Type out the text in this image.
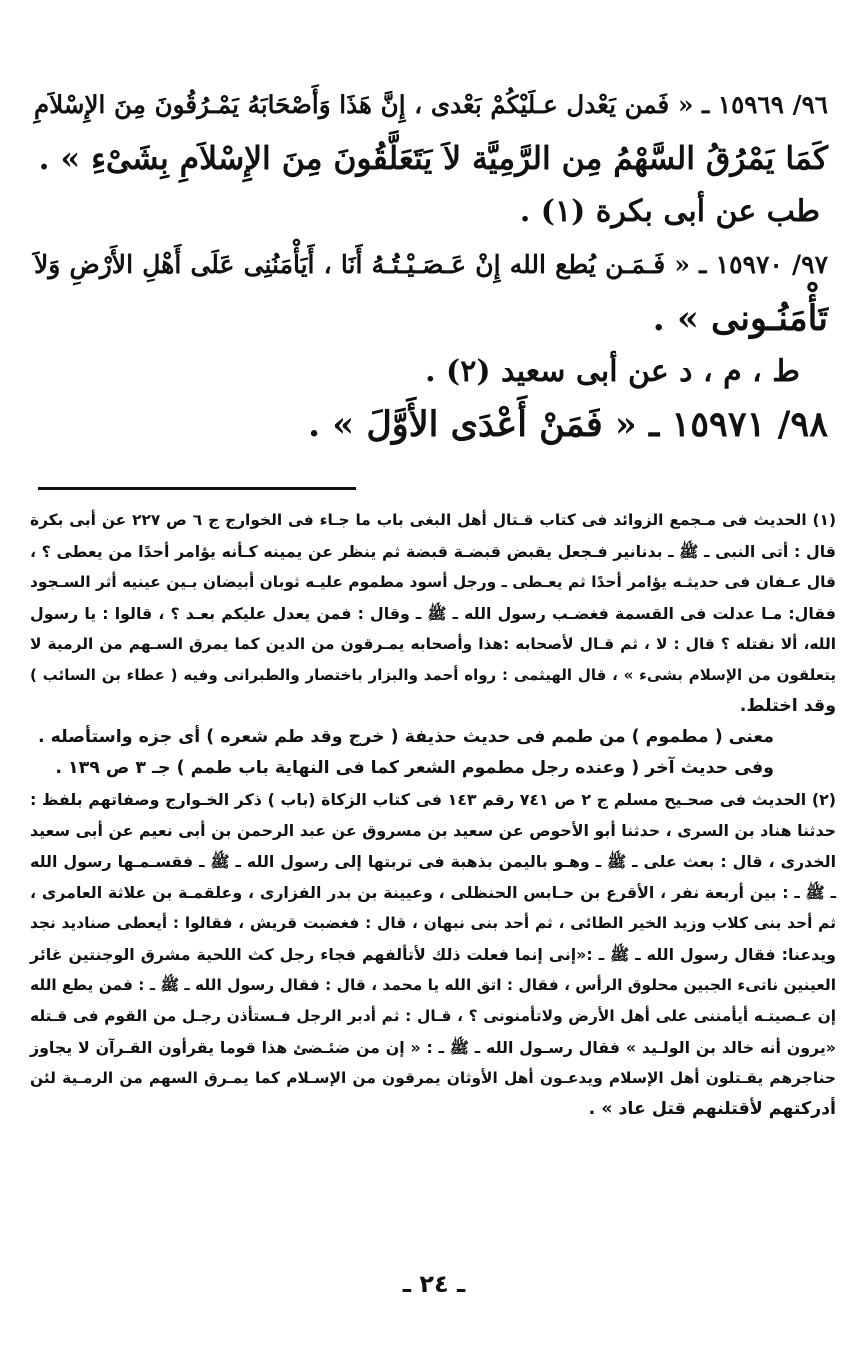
٩٦/ ١٥٩٦٩ ـ « فَمن يَعْدل عـلَيْكُمْ بَعْدى ، إِنَّ هَذَا وَأَصْحَابَهُ يَمْـرُقُونَ مِنَ الإِسْلاَمِ
كَمَا يَمْرُقُ السَّهْمُ مِن الرَّمِيَّة لاَ يَتَعَلَّقُونَ مِنَ الإِسْلاَمِ بِشَىْءِ » .
طب عن أبى بكرة (١) .
٩٧/ ١٥٩٧٠ ـ « فَـمَـن يُطع الله إِنْ عَـصَـيْـتُـهُ أَنَا ، أَيَأْمَنُنِى عَلَى أَهْلِ الأَرْضِ وَلاَ
تَأْمَنُـونى » .
ط ، م ، د عن أبى سعيد (٢) .
٩٨/ ١٥٩٧١ ـ « فَمَنْ أَعْدَى الأَوَّلَ » .
(١) الحديث فى مـجمع الزوائد فى كتاب قـتال أهل البغى باب ما جـاء فى الخوارج ج ٦ ص ٢٢٧ عن أبى بكرة
قال : أتى النبى ـ ﷺ ـ بدنانير فـجعل يقبض قبضـة قبضة ثم ينظر عن يمينه كـأنه يؤامر أحدًا من يعطى ؟ ،
قال عـفان فى حديثـه يؤامر أحدًا ثم يعـطى ـ ورجل أسود مطموم عليـه ثوبان أبيضان بـين عينيه أثر السـجود
فقال: مـا عدلت فى القسمة فغضـب رسول الله ـ ﷺ ـ وقال : فمن يعدل عليكم بعـد ؟ ، قالوا : يا رسول
الله، ألا نقتله ؟ قال : لا ، ثم قـال لأصحابه :هذا وأصحابه يمـرقون من الدين كما يمرق السـهم من الرمية لا
يتعلقون من الإسلام بشىء » ، قال الهيثمى : رواه أحمد والبزار باختصار والطبرانى وفيه ( عطاء بن السائب )
وقد اختلط.
معنى ( مطموم ) من طمم فى حديث حذيفة ( خرج وقد طم شعره ) أى جزه واستأصله .
وفى حديث آخر ( وعنده رجل مطموم الشعر كما فى النهاية باب طمم ) جـ ٣ ص ١٣٩ .
(٢) الحديث فى صحـيح مسلم ج ٢ ص ٧٤١ رقم ١٤٣ فى كتاب الزكاة (باب ) ذكر الخـوارج وصفاتهم بلفظ :
حدثنا هناد بن السرى ، حدثنا أبو الأحوص عن سعيد بن مسروق عن عبد الرحمن بن أبى نعيم عن أبى سعيد
الخدرى ، قال : بعث على ـ ﷺ ـ وهـو باليمن بذهبة فى تربتها إلى رسول الله ـ ﷺ ـ فقسـمـها رسول الله
ـ ﷺ ـ : بين أربعة نفر ، الأقرع بن حـابس الحنظلى ، وعيينة بن بدر الفزارى ، وعلقمـة بن علاثة العامرى ،
ثم أحد بنى كلاب وزيد الخير الطائى ، ثم أحد بنى نبهان ، قال : فغضبت قريش ، فقالوا : أيعطى صناديد نجد
ويدعنا: فقال رسول الله ـ ﷺ ـ :«إنى إنما فعلت ذلك لأتألفهم فجاء رجل كث اللحية مشرق الوجنتين غائر
العينين ناتىء الجبين محلوق الرأس ، فقال : اتق الله يا محمد ، قال : فقال رسول الله ـ ﷺ ـ : فمن يطع الله
إن عـصيتـه أيأمننى على أهل الأرض ولاتأمنونى ؟ ، قـال : ثم أدبر الرجل فـستأذن رجـل من القوم فى قـتله
«يرون أنه خالد بن الولـيد » فقال رسـول الله ـ ﷺ ـ : « إن من ضئـضئ هذا قوما يقرأون القـرآن لا يجاوز
حناجرهم يقـتلون أهل الإسلام ويدعـون أهل الأوثان يمرقون من الإسـلام كما يمـرق السهم من الرمـية لئن
أدركتهم لأقتلنهم قتل عاد » .
ـ ٢٤ ـ
